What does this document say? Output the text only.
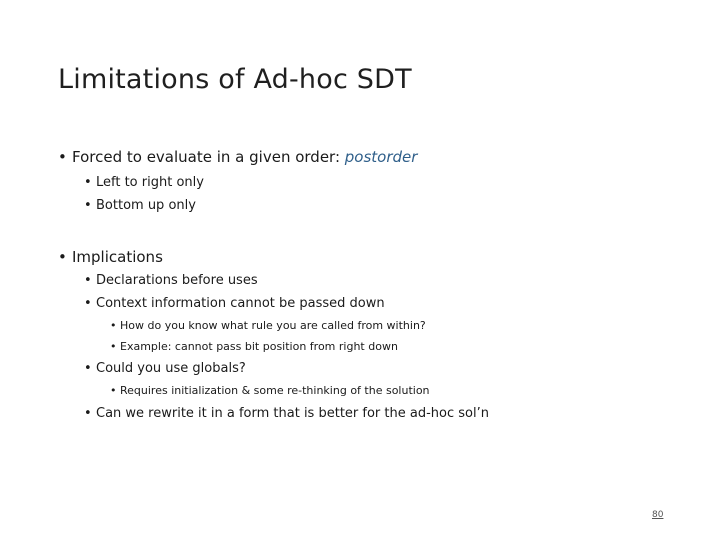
Limitations of Ad-hoc SDT
• Forced to evaluate in a given order: postorder
• Left to right only
• Bottom up only
• Implications
• Declarations before uses
• Context information cannot be passed down
• How do you know what rule you are called from within?
• Example: cannot pass bit position from right down
• Could you use globals?
• Requires initialization & some re-thinking of the solution
• Can we rewrite it in a form that is better for the ad-hoc sol’n
80
